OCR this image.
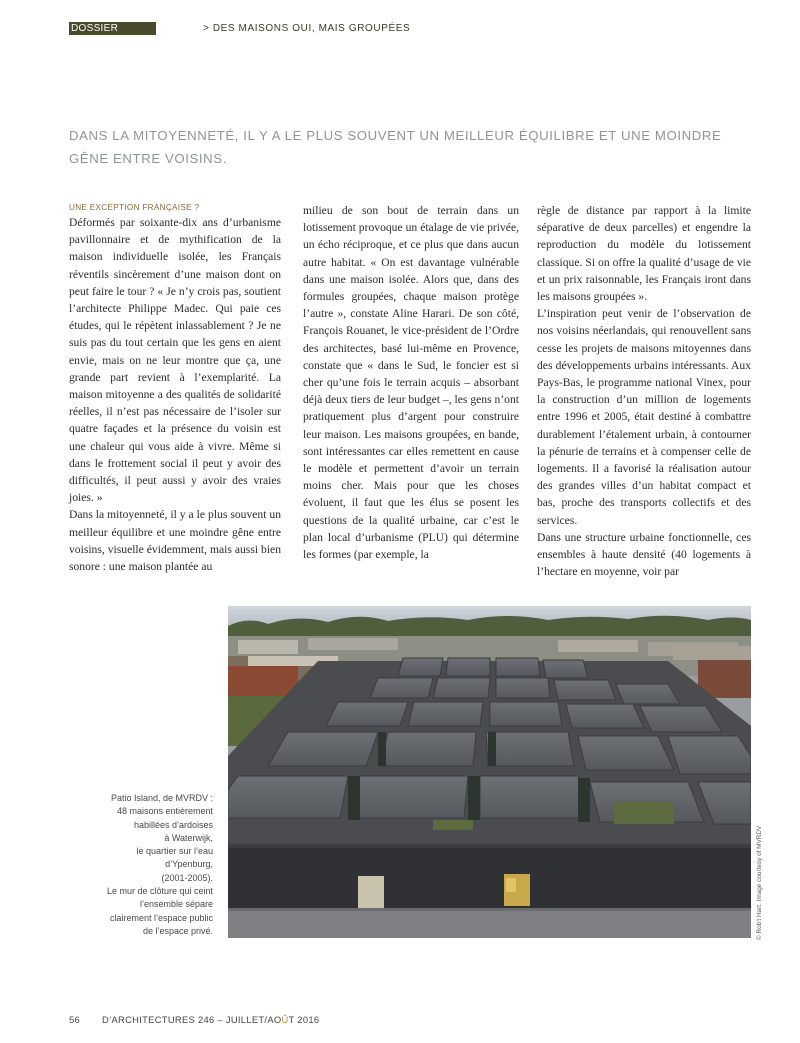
DOSSIER	> DES MAISONS OUI, MAIS GROUPÉES
DANS LA MITOYENNETÉ, IL Y A LE PLUS SOUVENT UN MEILLEUR ÉQUILIBRE ET UNE MOINDRE GÊNE ENTRE VOISINS.
UNE EXCEPTION FRANÇAISE ?

Déformés par soixante-dix ans d’urbanisme pavillonnaire et de mythification de la maison individuelle isolée, les Français réventils sincèrement d’une maison dont on peut faire le tour ? « Je n’y crois pas, soutient l’architecte Philippe Madec. Qui paie ces études, qui le répètent inlassablement ? Je ne suis pas du tout certain que les gens en aient envie, mais on ne leur montre que ça, une grande part revient à l’exemplarité. La maison mitoyenne a des qualités de solidarité réelles, il n’est pas nécessaire de l’isoler sur quatre façades et la présence du voisin est une chaleur qui vous aide à vivre. Même si dans le frottement social il peut y avoir des difficultés, il peut aussi y avoir des vraies joies. »

Dans la mitoyenneté, il y a le plus souvent un meilleur équilibre et une moindre gêne entre voisins, visuelle évidemment, mais aussi bien sonore : une maison plantée au

milieu de son bout de terrain dans un lotissement provoque un étalage de vie privée, un écho réciproque, et ce plus que dans aucun autre habitat. « On est davantage vulnérable dans une maison isolée. Alors que, dans des formules groupées, chaque maison protège l’autre », constate Aline Harari. De son côté, François Rouanet, le vice-président de l’Ordre des architectes, basé lui-même en Provence, constate que « dans le Sud, le foncier est si cher qu’une fois le terrain acquis – absorbant déjà deux tiers de leur budget –, les gens n’ont pratiquement plus d’argent pour construire leur maison. Les maisons groupées, en bande, sont intéressantes car elles remettent en cause le modèle et permettent d’avoir un terrain moins cher. Mais pour que les choses évoluent, il faut que les élus se posent les questions de la qualité urbaine, car c’est le plan local d’urbanisme (PLU) qui détermine les formes (par exemple, la

règle de distance par rapport à la limite séparative de deux parcelles) et engendre la reproduction du modèle du lotissement classique. Si on offre la qualité d’usage de vie et un prix raisonnable, les Français iront dans les maisons groupées ».

L’inspiration peut venir de l’observation de nos voisins néerlandais, qui renouvellent sans cesse les projets de maisons mitoyennes dans des développements urbains intéressants. Aux Pays-Bas, le programme national Vinex, pour la construction d’un million de logements entre 1996 et 2005, était destiné à combattre durablement l’étalement urbain, à contourner la pénurie de terrains et à compenser celle de logements. Il a favorisé la réalisation autour des grandes villes d’un habitat compact et bas, proche des transports collectifs et des services.

Dans une structure urbaine fonctionnelle, ces ensembles à haute densité (40 logements à l’hectare en moyenne, voir par

Patio Island, de MVRDV :
48 maisons entièrement
habillées d’ardoises
à Waterwijk,
le quartier sur l’eau
d’Ypenburg,
(2001-2005).
Le mur de clôture qui ceint
l’ensemble sépare
clairement l’espace public
de l’espace privé.	© Rob't Hart. Image courtesy of MVRDV
56 D’ARCHITECTURES 246 – JUILLET/AOÛT 2016
